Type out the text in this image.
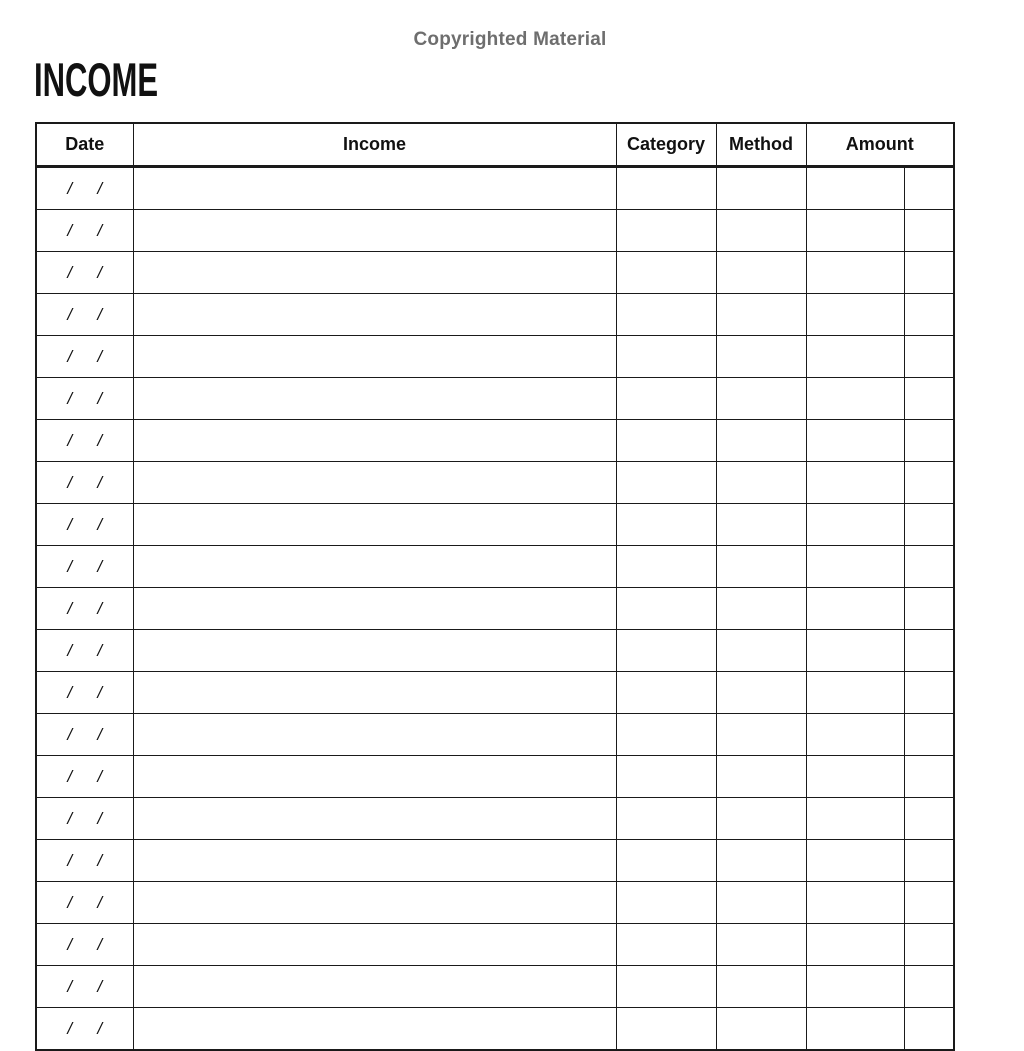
Copyrighted Material
INCOME
Date	Income	Category	Method	Amount	
/ /					
/ /					
/ /					
/ /					
/ /					
/ /					
/ /					
/ /					
/ /					
/ /					
/ /					
/ /					
/ /					
/ /					
/ /					
/ /					
/ /					
/ /					
/ /					
/ /					
/ /					
